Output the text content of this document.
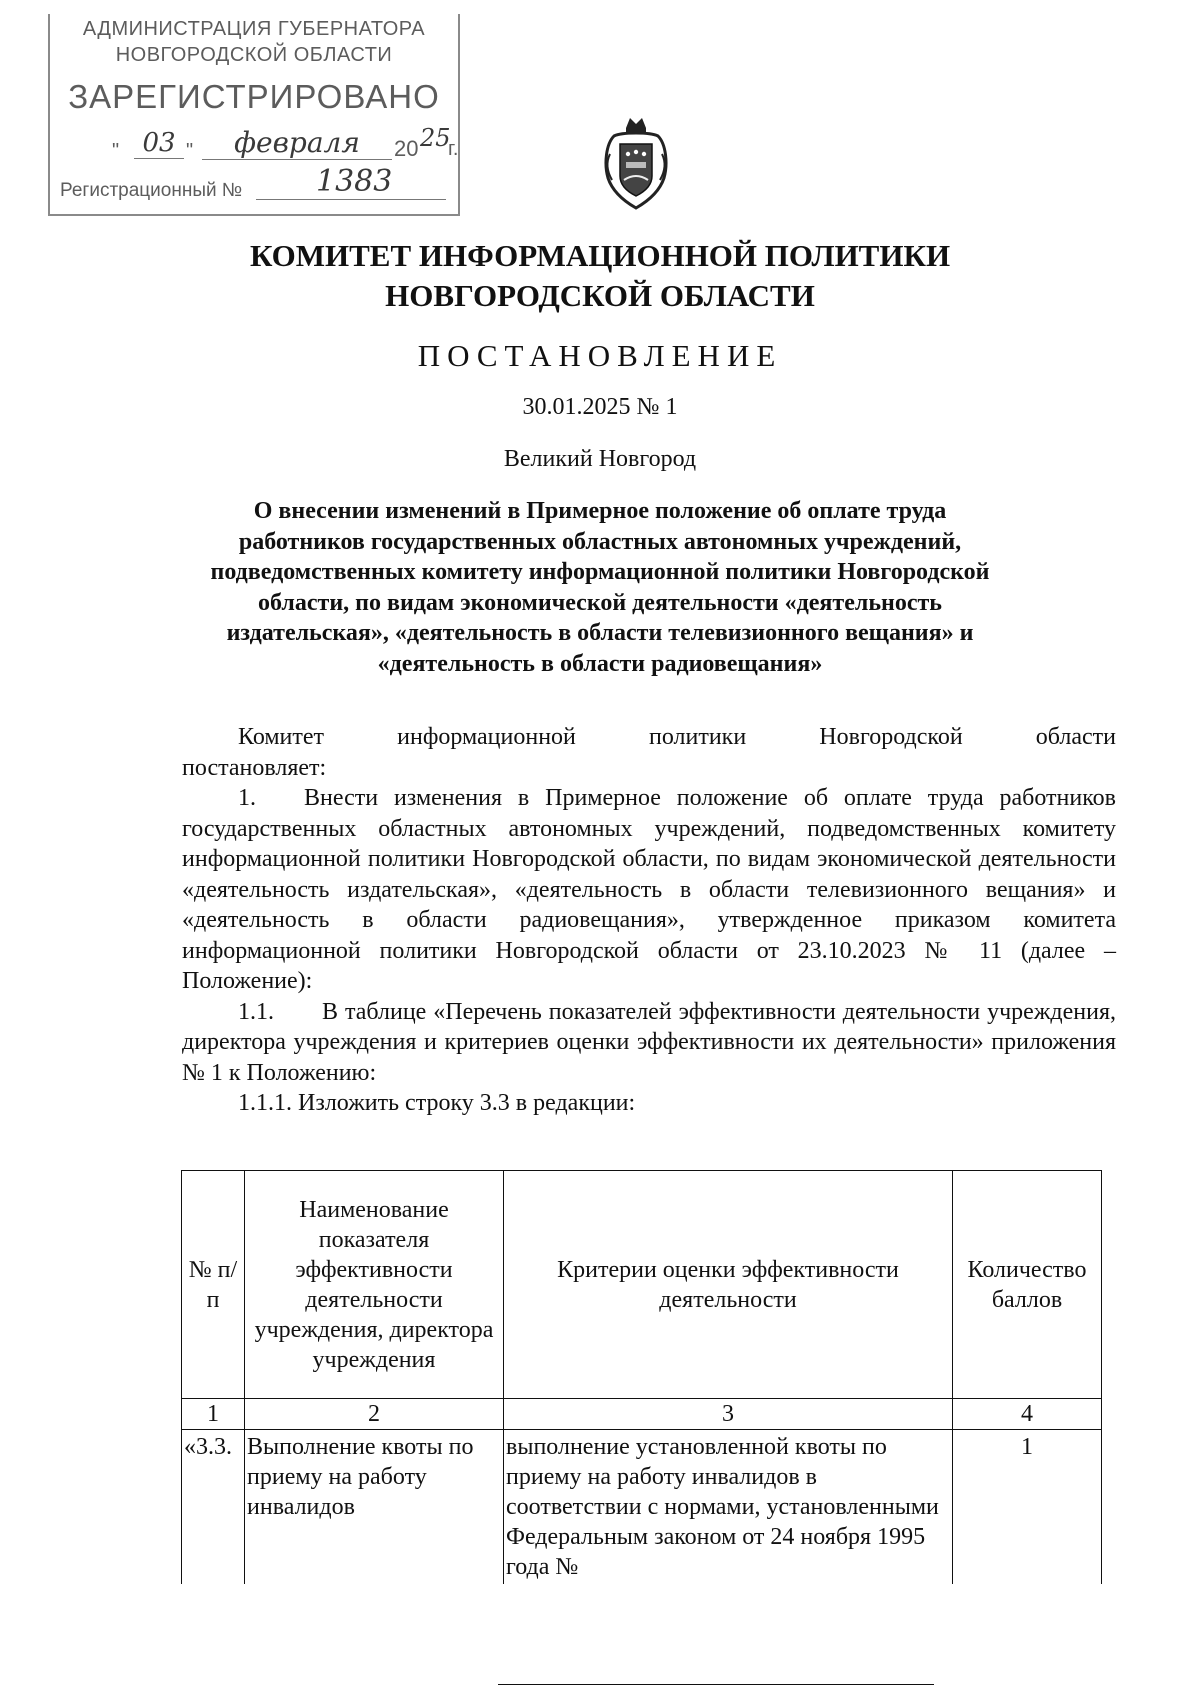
АДМИНИСТРАЦИЯ ГУБЕРНАТОРА
НОВГОРОДСКОЙ ОБЛАСТИ
ЗАРЕГИСТРИРОВАНО
" 03 "	февраля	20 25
г.
Регистрационный №	1383
КОМИТЕТ ИНФОРМАЦИОННОЙ ПОЛИТИКИ
НОВГОРОДСКОЙ ОБЛАСТИ
ПОСТАНОВЛЕНИЕ
30.01.2025 № 1
Великий Новгород
О внесении изменений в Примерное положение об оплате труда
работников государственных областных автономных учреждений,
подведомственных комитету информационной политики Новгородской
области, по видам экономической деятельности «деятельность
издательская», «деятельность в области телевизионного вещания» и
«деятельность в области радиовещания»
Комитет информационной политики Новгородской области
постановляет:
1.  Внести изменения в Примерное положение об оплате труда работников государственных областных автономных учреждений, подведомственных комитету информационной политики Новгородской области, по видам экономической деятельности «деятельность издательская», «деятельность в области телевизионного вещания» и «деятельность в области радиовещания», утвержденное приказом комитета информационной политики Новгородской области от 23.10.2023 № 11 (далее – Положение):
1.1.  В таблице «Перечень показателей эффективности деятельности учреждения, директора учреждения и критериев оценки эффективности их деятельности» приложения № 1 к Положению:
1.1.1. Изложить строку 3.3 в редакции:
№ п/п	Наименование показателя эффективности деятельности учреждения, директора учреждения	Критерии оценки эффективности деятельности	Количество баллов
1	2	3	4
«3.3.	Выполнение квоты по приему на работу инвалидов	выполнение установленной квоты по приему на работу инвалидов в соответствии с нормами, установленными Федеральным законом от 24 ноября 1995 года №	1
